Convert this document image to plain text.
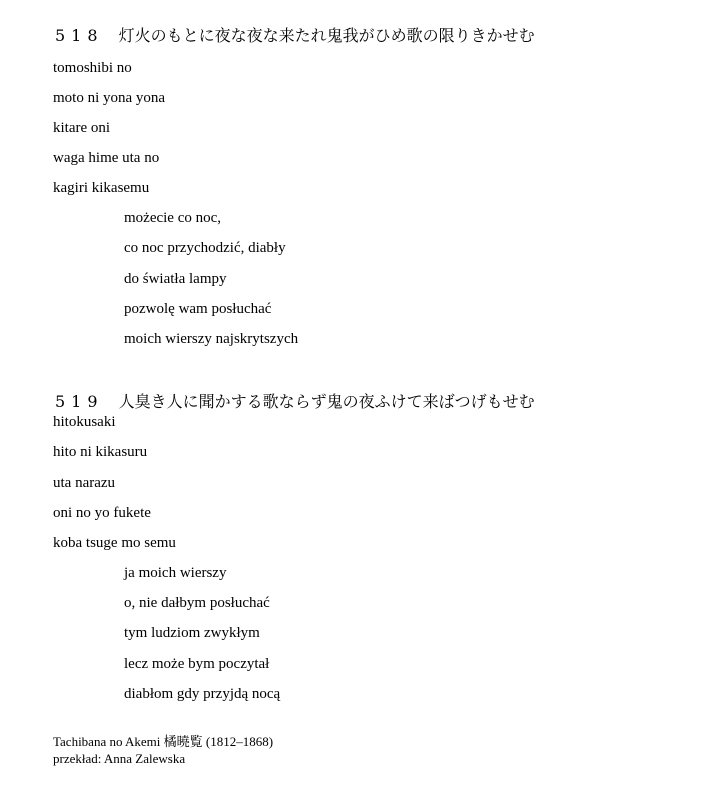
518 灯火のもとに夜な夜な来たれ鬼我がひめ歌の限りきかせむ
tomoshibi no
moto ni yona yona
kitare oni
waga hime uta no
kagiri kikasemu
możecie co noc,
co noc przychodzić, diabły
do światła lampy
pozwolę wam posłuchać
moich wierszy najskrytszych
519 人臭き人に聞かする歌ならず鬼の夜ふけて来ばつげもせむ
hitokusaki
hito ni kikasuru
uta narazu
oni no yo fukete
koba tsuge mo semu
ja moich wierszy
o, nie dałbym posłuchać
tym ludziom zwykłym
lecz może bym poczytał
diabłom gdy przyjdą nocą
Tachibana no Akemi 橘曉覧 (1812–1868)
przekład: Anna Zalewska
